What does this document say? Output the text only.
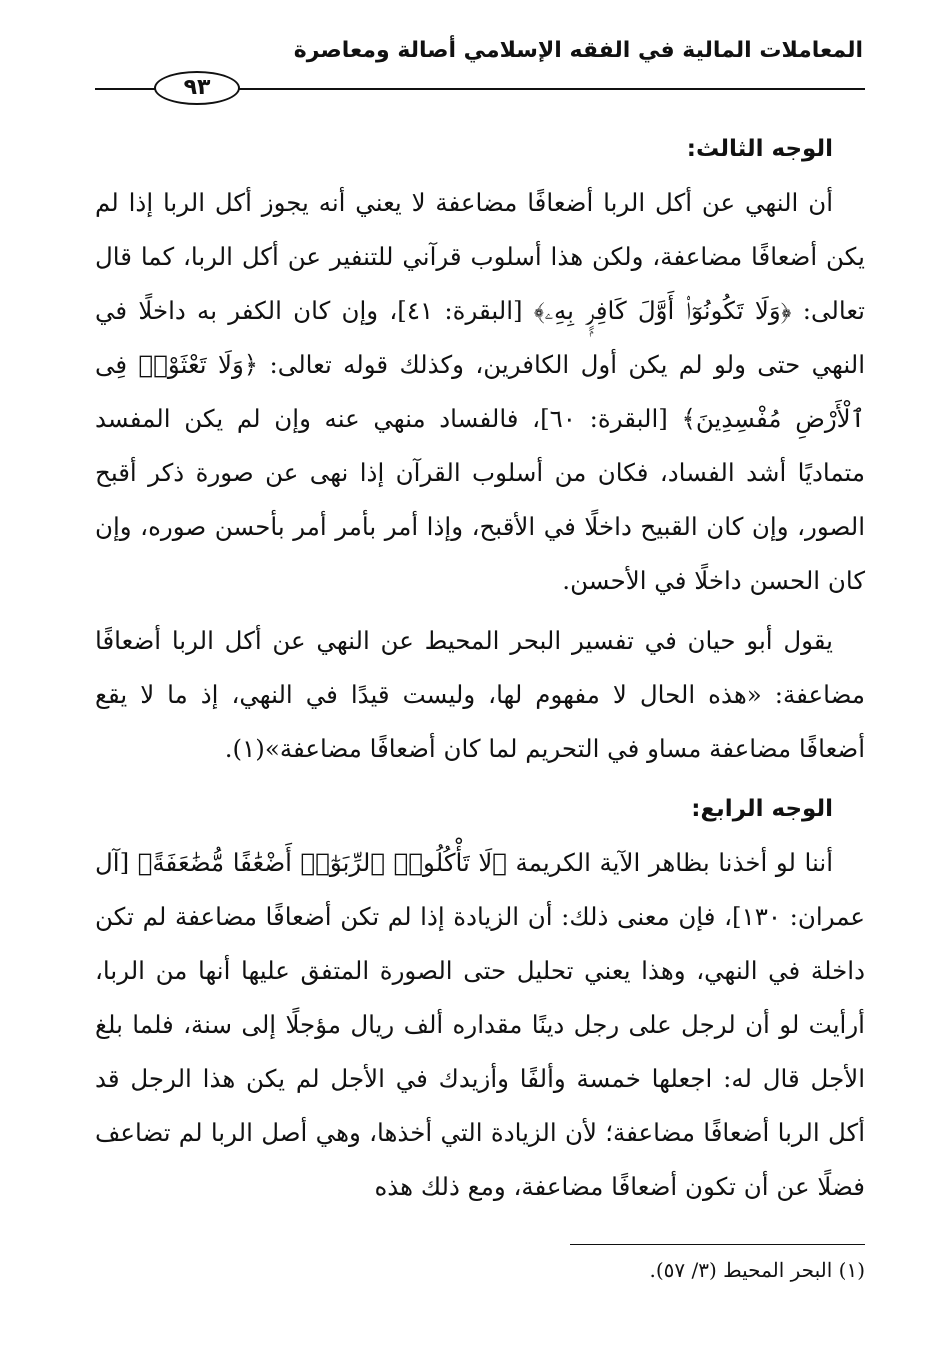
المعاملات المالية في الفقه الإسلامي أصالة ومعاصرة
٩٣
الوجه الثالث:

أن النهي عن أكل الربا أضعافًا مضاعفة لا يعني أنه يجوز أكل الربا إذا لم يكن أضعافًا مضاعفة، ولكن هذا أسلوب قرآني للتنفير عن أكل الربا، كما قال تعالى: ﴿وَلَا تَكُونُوٓا۟ أَوَّلَ كَافِرٍۭ بِهِۦ﴾ [البقرة: ٤١]، وإن كان الكفر به داخلًا في النهي حتى ولو لم يكن أول الكافرين، وكذلك قوله تعالى: ﴿وَلَا تَعْثَوْا۟ فِى ٱلْأَرْضِ مُفْسِدِينَ﴾ [البقرة: ٦٠]، فالفساد منهي عنه وإن لم يكن المفسد متماديًا أشد الفساد، فكان من أسلوب القرآن إذا نهى عن صورة ذكر أقبح الصور، وإن كان القبيح داخلًا في الأقبح، وإذا أمر بأمر أمر بأحسن صوره، وإن كان الحسن داخلًا في الأحسن.

يقول أبو حيان في تفسير البحر المحيط عن النهي عن أكل الربا أضعافًا مضاعفة: «هذه الحال لا مفهوم لها، وليست قيدًا في النهي، إذ ما لا يقع أضعافًا مضاعفة مساو في التحريم لما كان أضعافًا مضاعفة»(١).

الوجه الرابع:

أننا لو أخذنا بظاهر الآية الكريمة ﴿لَا تَأْكُلُوا۟ ٱلرِّبَوٰٓا۟ أَضْعَٰفًا مُّضَٰعَفَةً﴾ [آل عمران: ١٣٠]، فإن معنى ذلك: أن الزيادة إذا لم تكن أضعافًا مضاعفة لم تكن داخلة في النهي، وهذا يعني تحليل حتى الصورة المتفق عليها أنها من الربا، أرأيت لو أن لرجل على رجل دينًا مقداره ألف ريال مؤجلًا إلى سنة، فلما بلغ الأجل قال له: اجعلها خمسة وألفًا وأزيدك في الأجل لم يكن هذا الرجل قد أكل الربا أضعافًا مضاعفة؛ لأن الزيادة التي أخذها، وهي أصل الربا لم تضاعف فضلًا عن أن تكون أضعافًا مضاعفة، ومع ذلك هذه

(١) البحر المحيط (٣/ ٥٧).
